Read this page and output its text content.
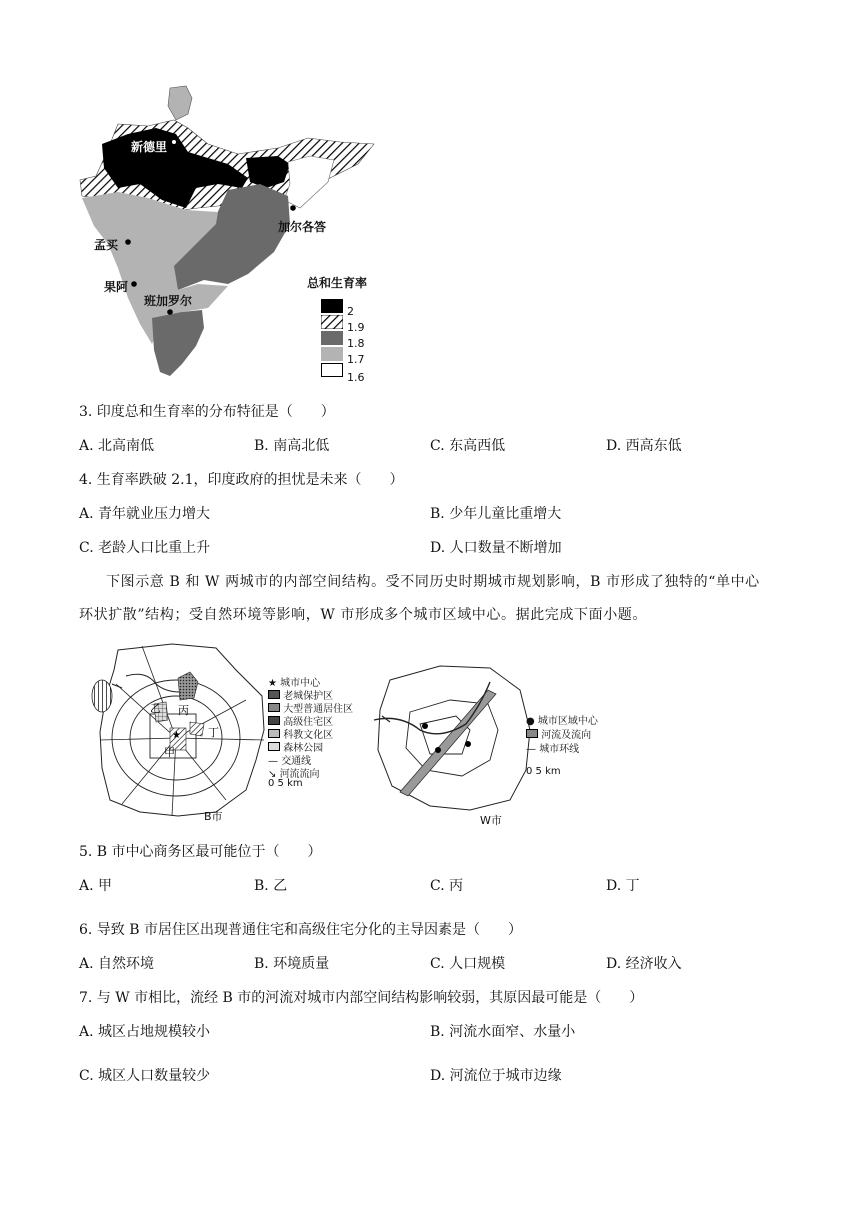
新德里
加尔各答
孟买
果阿
班加罗尔
总和生育率
2
1.9
1.8
1.7
1.6
3. 印度总和生育率的分布特征是（　　）
A. 北高南低	B. 南高北低	C. 东高西低	D. 西高东低
4. 生育率跌破 2.1，印度政府的担忧是未来（　　）
A. 青年就业压力增大	B. 少年儿童比重增大
C. 老龄人口比重上升	D. 人口数量不断增加
下图示意 B 和 W 两城市的内部空间结构。受不同历史时期城市规划影响，B 市形成了独特的“单中心
环状扩散”结构；受自然环境等影响，W 市形成多个城市区域中心。据此完成下面小题。
★
乙 丙
丁
甲
B市
★ 城市中心
老城保护区
大型普通居住区
高级住宅区
科教文化区
森林公园
— 交通线
↘ 河流流向
0 5 km
W市
● 城市区域中心
河流及流向
— 城市环线
0 5 km
5. B 市中心商务区最可能位于（　　）
A. 甲	B. 乙	C. 丙	D. 丁
6. 导致 B 市居住区出现普通住宅和高级住宅分化的主导因素是（　　）
A. 自然环境	B. 环境质量	C. 人口规模	D. 经济收入
7. 与 W 市相比，流经 B 市的河流对城市内部空间结构影响较弱，其原因最可能是（　　）
A. 城区占地规模较小	B. 河流水面窄、水量小
C. 城区人口数量较少	D. 河流位于城市边缘
